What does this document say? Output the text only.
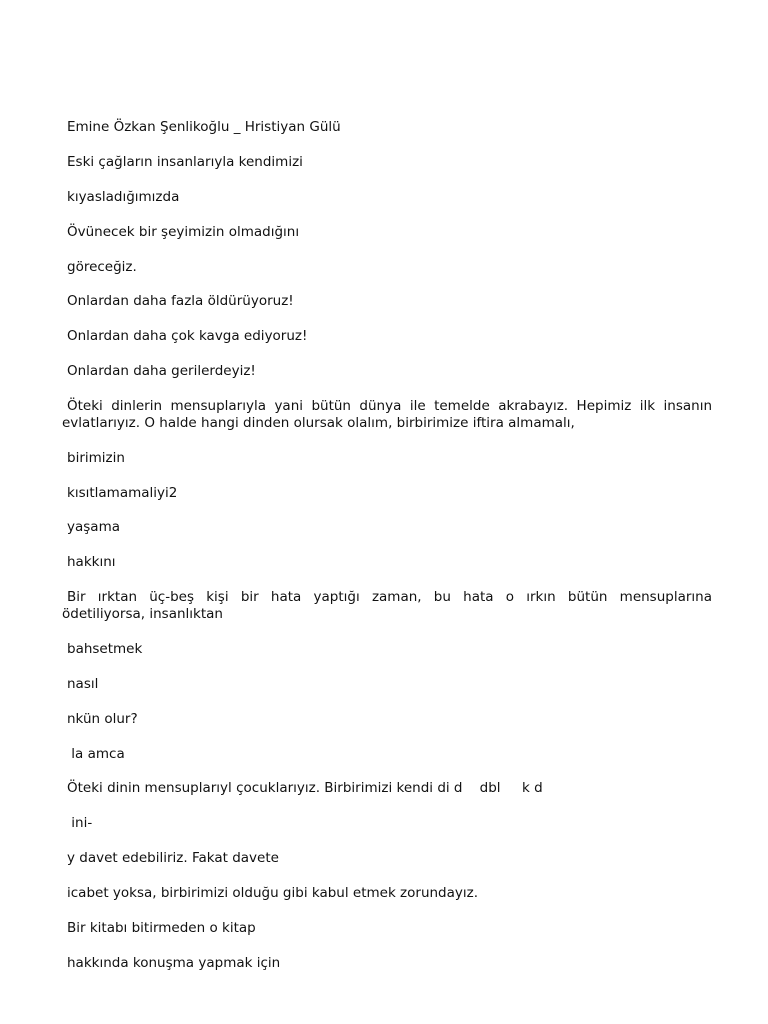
Emine Özkan Şenlikoğlu _ Hristiyan Gülü

Eski çağların insanlarıyla kendimizi

kıyasladığımızda

Övünecek bir şeyimizin olmadığını

göreceğiz.

Onlardan daha fazla öldürüyoruz!

Onlardan daha çok kavga ediyoruz!

Onlardan daha gerilerdeyiz!

Öteki dinlerin mensuplarıyla yani bütün dünya ile temelde akrabayız. Hepimiz ilk insanın
evlatlarıyız. O halde hangi dinden olursak olalım, birbirimize iftira almamalı,

birimizin

kısıtlamamaliyi2

yaşama

hakkını

Bir ırktan üç-beş kişi bir hata yaptığı zaman, bu hata o ırkın bütün mensuplarına
ödetiliyorsa, insanlıktan

bahsetmek

nasıl

nkün olur?

la amca

Öteki dinin mensuplarıyl çocuklarıyız. Birbirimizi kendi di d    dbl     k d

ini-

y davet edebiliriz. Fakat davete

icabet yoksa, birbirimizi olduğu gibi kabul etmek zorundayız.

Bir kitabı bitirmeden o kitap

hakkında konuşma yapmak için
